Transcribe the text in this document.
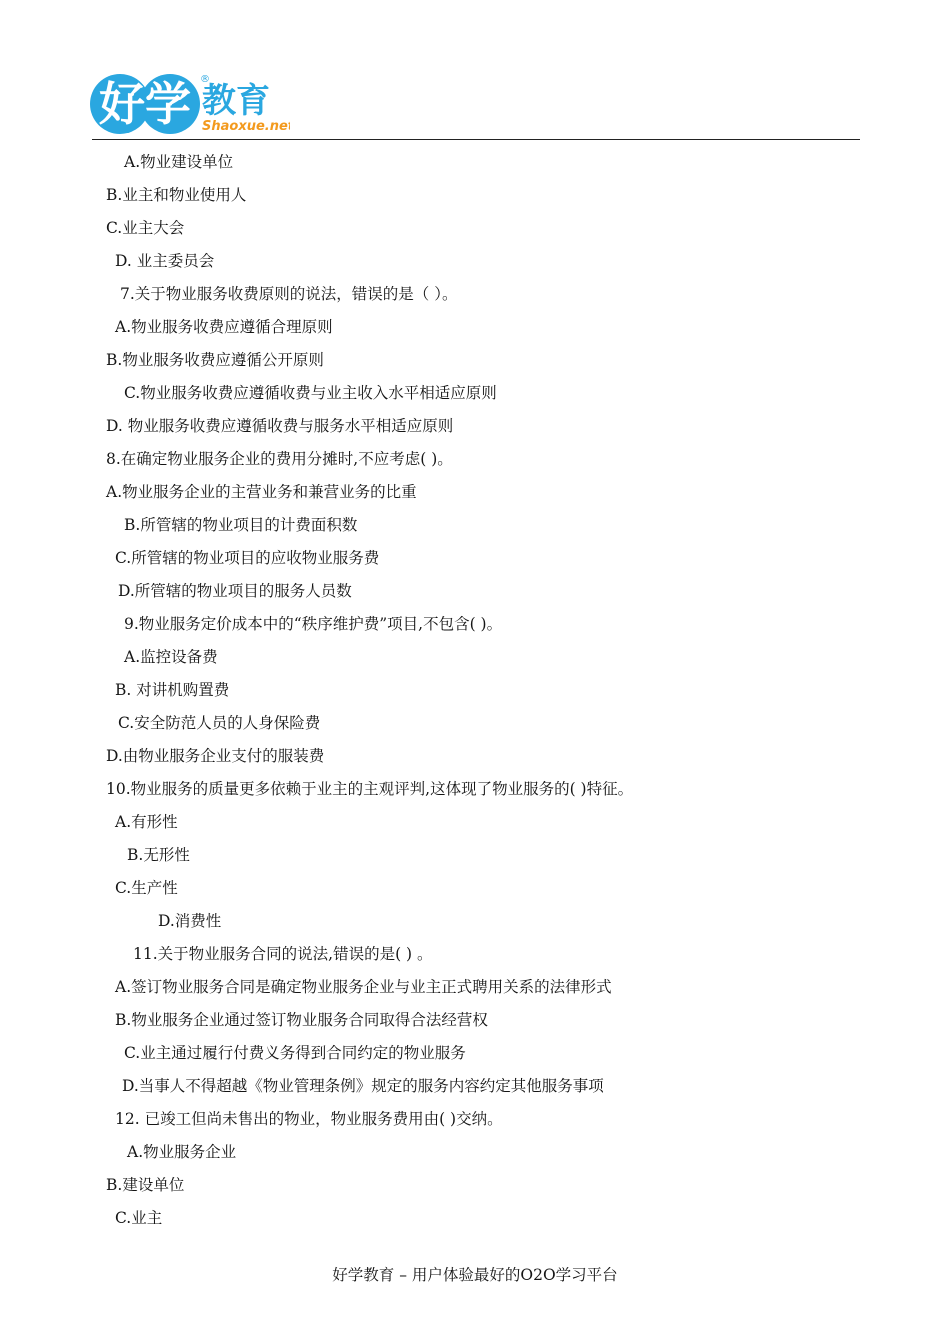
好学 教育
Shaoxue.net
®
A.物业建设单位
B.业主和物业使用人
C.业主大会
D. 业主委员会
7.关于物业服务收费原则的说法，错误的是（ ）。
A.物业服务收费应遵循合理原则
B.物业服务收费应遵循公开原则
C.物业服务收费应遵循收费与业主收入水平相适应原则
D. 物业服务收费应遵循收费与服务水平相适应原则
8.在确定物业服务企业的费用分摊时,不应考虑( )。
A.物业服务企业的主营业务和兼营业务的比重
B.所管辖的物业项目的计费面积数
C.所管辖的物业项目的应收物业服务费
D.所管辖的物业项目的服务人员数
9.物业服务定价成本中的“秩序维护费”项目,不包含( )。
A.监控设备费
B. 对讲机购置费
C.安全防范人员的人身保险费
D.由物业服务企业支付的服装费
10.物业服务的质量更多依赖于业主的主观评判,这体现了物业服务的( )特征。
A.有形性
B.无形性
C.生产性
D.消费性
11.关于物业服务合同的说法,错误的是( ) 。
A.签订物业服务合同是确定物业服务企业与业主正式聘用关系的法律形式
B.物业服务企业通过签订物业服务合同取得合法经营权
C.业主通过履行付费义务得到合同约定的物业服务
D.当事人不得超越《物业管理条例》规定的服务内容约定其他服务事项
12. 已竣工但尚未售出的物业，物业服务费用由( )交纳。
A.物业服务企业
B.建设单位
C.业主
好学教育 – 用户体验最好的O2O学习平台
